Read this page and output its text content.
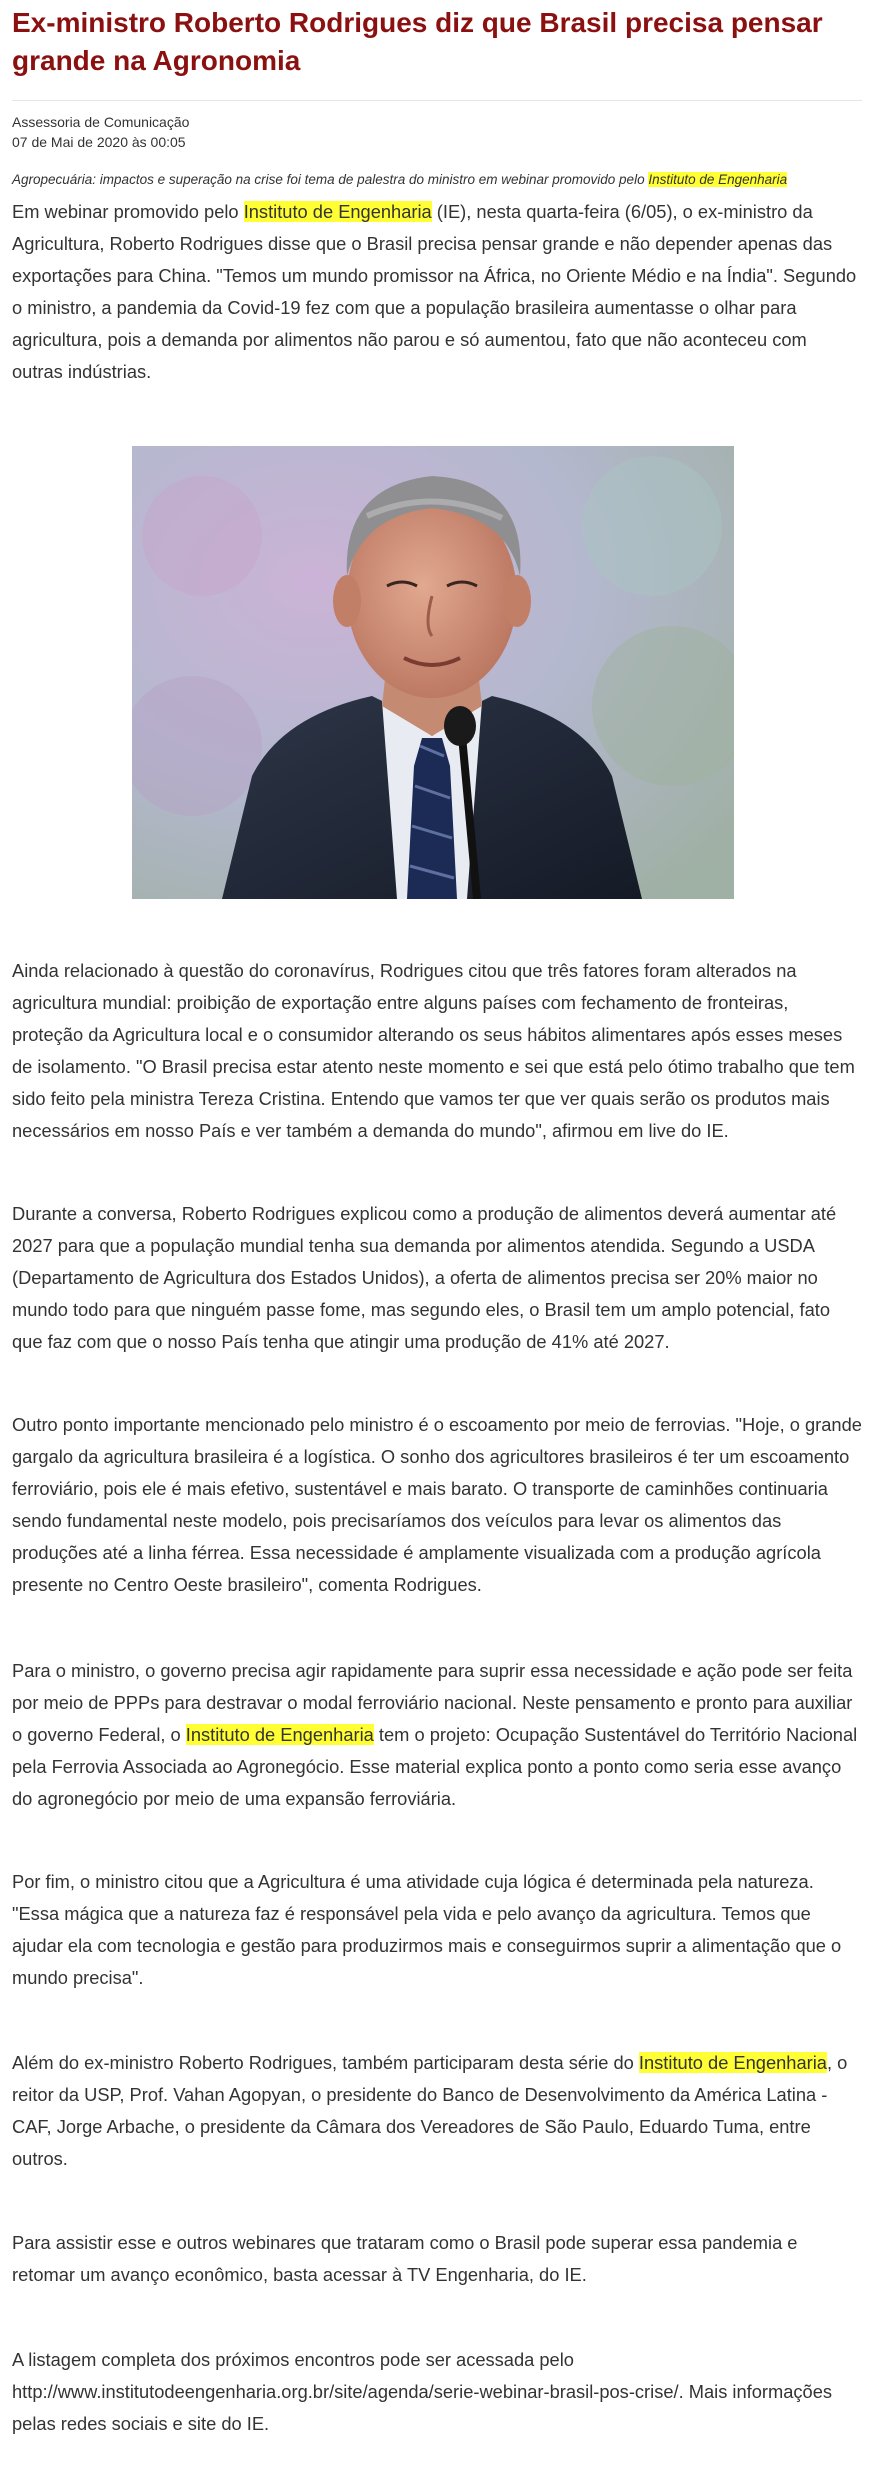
Ex-ministro Roberto Rodrigues diz que Brasil precisa pensar grande na Agronomia
Assessoria de Comunicação
07 de Mai de 2020 às 00:05
Agropecuária: impactos e superação na crise foi tema de palestra do ministro em webinar promovido pelo Instituto de Engenharia

Em webinar promovido pelo Instituto de Engenharia (IE), nesta quarta-feira (6/05), o ex-ministro da Agricultura, Roberto Rodrigues disse que o Brasil precisa pensar grande e não depender apenas das exportações para China. "Temos um mundo promissor na África, no Oriente Médio e na Índia". Segundo o ministro, a pandemia da Covid-19 fez com que a população brasileira aumentasse o olhar para agricultura, pois a demanda por alimentos não parou e só aumentou, fato que não aconteceu com outras indústrias.

Ainda relacionado à questão do coronavírus, Rodrigues citou que três fatores foram alterados na agricultura mundial: proibição de exportação entre alguns países com fechamento de fronteiras, proteção da Agricultura local e o consumidor alterando os seus hábitos alimentares após esses meses de isolamento. "O Brasil precisa estar atento neste momento e sei que está pelo ótimo trabalho que tem sido feito pela ministra Tereza Cristina. Entendo que vamos ter que ver quais serão os produtos mais necessários em nosso País e ver também a demanda do mundo", afirmou em live do IE.

Durante a conversa, Roberto Rodrigues explicou como a produção de alimentos deverá aumentar até 2027 para que a população mundial tenha sua demanda por alimentos atendida. Segundo a USDA (Departamento de Agricultura dos Estados Unidos), a oferta de alimentos precisa ser 20% maior no mundo todo para que ninguém passe fome, mas segundo eles, o Brasil tem um amplo potencial, fato que faz com que o nosso País tenha que atingir uma produção de 41% até 2027.

Outro ponto importante mencionado pelo ministro é o escoamento por meio de ferrovias. "Hoje, o grande gargalo da agricultura brasileira é a logística. O sonho dos agricultores brasileiros é ter um escoamento ferroviário, pois ele é mais efetivo, sustentável e mais barato. O transporte de caminhões continuaria sendo fundamental neste modelo, pois precisaríamos dos veículos para levar os alimentos das produções até a linha férrea. Essa necessidade é amplamente visualizada com a produção agrícola presente no Centro Oeste brasileiro", comenta Rodrigues.

Para o ministro, o governo precisa agir rapidamente para suprir essa necessidade e ação pode ser feita por meio de PPPs para destravar o modal ferroviário nacional. Neste pensamento e pronto para auxiliar o governo Federal, o Instituto de Engenharia tem o projeto: Ocupação Sustentável do Território Nacional pela Ferrovia Associada ao Agronegócio. Esse material explica ponto a ponto como seria esse avanço do agronegócio por meio de uma expansão ferroviária.

Por fim, o ministro citou que a Agricultura é uma atividade cuja lógica é determinada pela natureza. "Essa mágica que a natureza faz é responsável pela vida e pelo avanço da agricultura. Temos que ajudar ela com tecnologia e gestão para produzirmos mais e conseguirmos suprir a alimentação que o mundo precisa".

Além do ex-ministro Roberto Rodrigues, também participaram desta série do Instituto de Engenharia, o reitor da USP, Prof. Vahan Agopyan, o presidente do Banco de Desenvolvimento da América Latina - CAF, Jorge Arbache, o presidente da Câmara dos Vereadores de São Paulo, Eduardo Tuma, entre outros.

Para assistir esse e outros webinares que trataram como o Brasil pode superar essa pandemia e retomar um avanço econômico, basta acessar à TV Engenharia, do IE.

A listagem completa dos próximos encontros pode ser acessada pelo http://www.institutodeengenharia.org.br/site/agenda/serie-webinar-brasil-pos-crise/. Mais informações pelas redes sociais e site do IE.
